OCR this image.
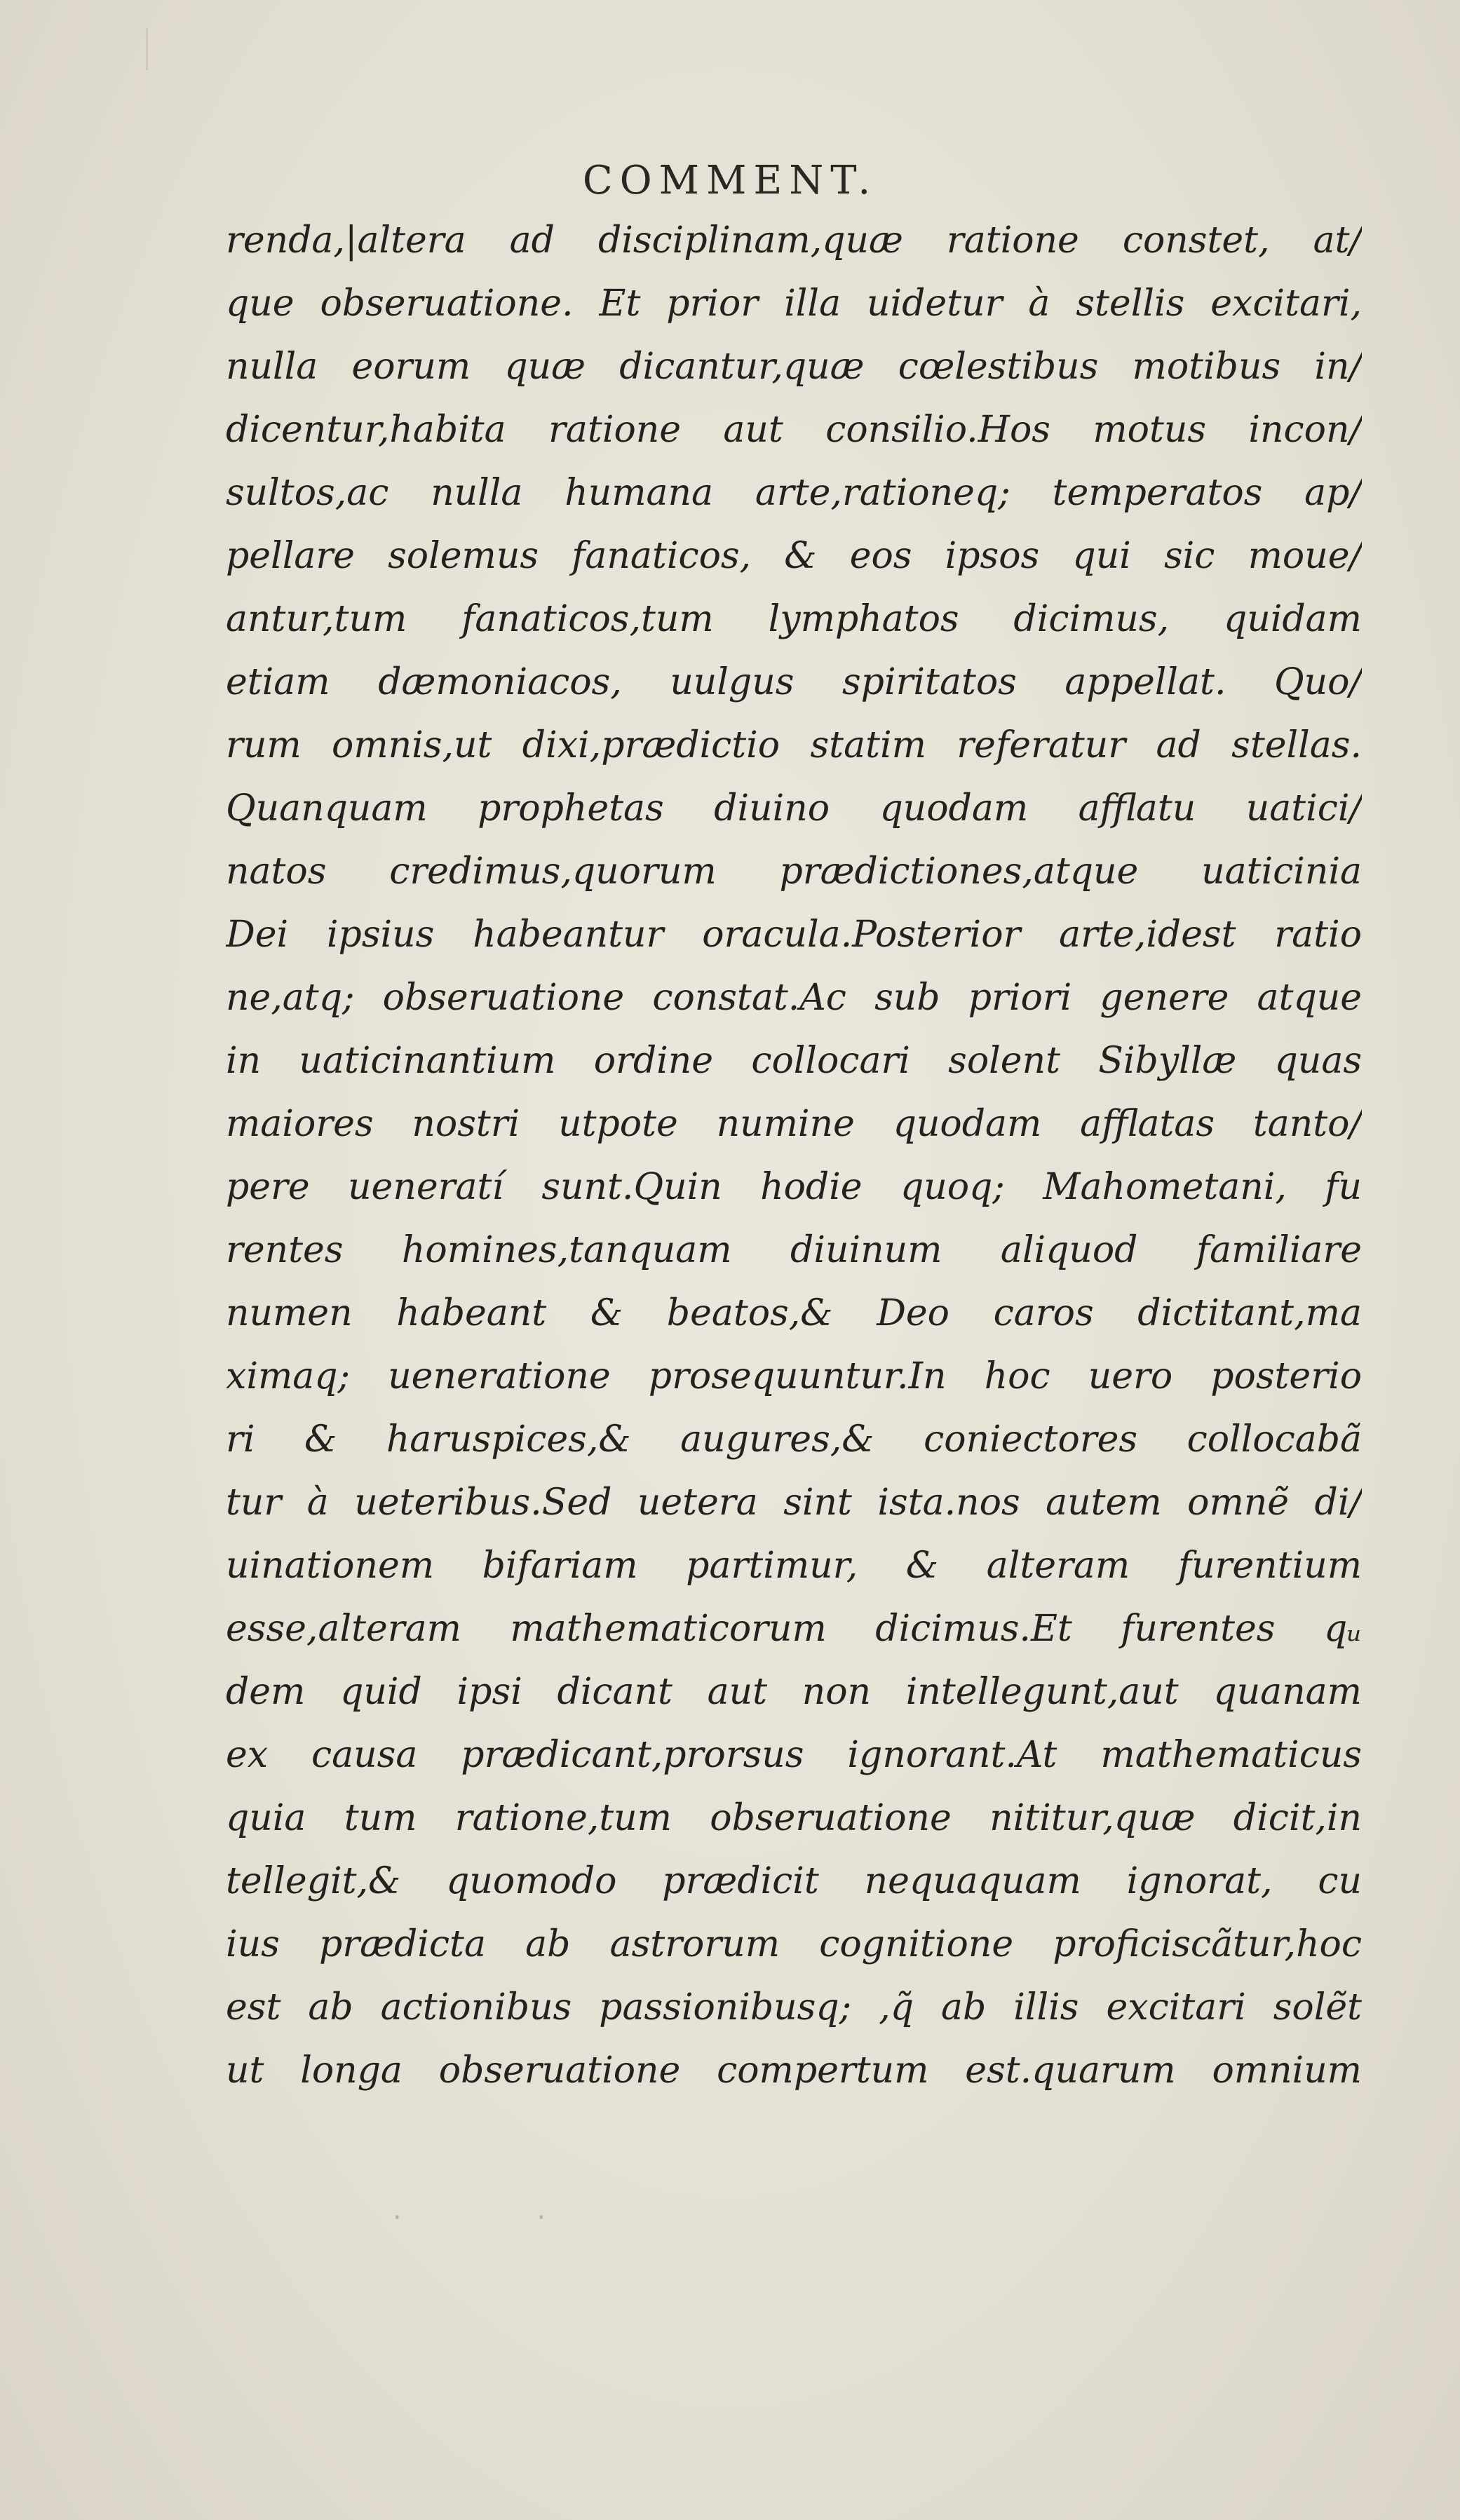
COMMENT.
renda,|altera ad disciplinam,quæ ratione constet, at/
que obseruatione. Et prior illa uidetur à stellis excitari,
nulla eorum quæ dicantur,quæ cœlestibus motibus in/
dicentur,habita ratione aut consilio.Hos motus incon/
sultos,ac nulla humana arte,rationeq; temperatos ap/
pellare solemus fanaticos, & eos ipsos qui sic moue/
antur,tum fanaticos,tum lymphatos dicimus, quidam
etiam dæmoniacos, uulgus spiritatos appellat. Quo/
rum omnis,ut dixi,prædictio statim referatur ad stellas.
Quanquam prophetas diuino quodam afflatu uatici/
natos credimus,quorum prædictiones,atque uaticinia
Dei ipsius habeantur oracula.Posterior arte,idest ratio
ne,atq; obseruatione constat.Ac sub priori genere atque
in uaticinantium ordine collocari solent Sibyllæ quas
maiores nostri utpote numine quodam afflatas tanto/
pere ueneratí sunt.Quin hodie quoq; Mahometani, fu
rentes homines,tanquam diuinum aliquod familiare
numen habeant & beatos,& Deo caros dictitant,ma
ximaq; ueneratione prosequuntur.In hoc uero posterio
ri & haruspices,& augures,& coniectores collocabã
tur à ueteribus.Sed uetera sint ista.nos autem omnẽ di/
uinationem bifariam partimur, & alteram furentium
esse,alteram mathematicorum dicimus.Et furentes qᵤ
dem quid ipsi dicant aut non intellegunt,aut quanam
ex causa prædicant,prorsus ignorant.At mathematicus
quia tum ratione,tum obseruatione nititur,quæ dicit,in
tellegit,& quomodo prædicit nequaquam ignorat, cu
ius prædicta ab astrorum cognitione proficiscãtur,hoc
est ab actionibus passionibusq; ,q̃ ab illis excitari solẽt
ut longa obseruatione compertum est.quarum omnium
· ·
